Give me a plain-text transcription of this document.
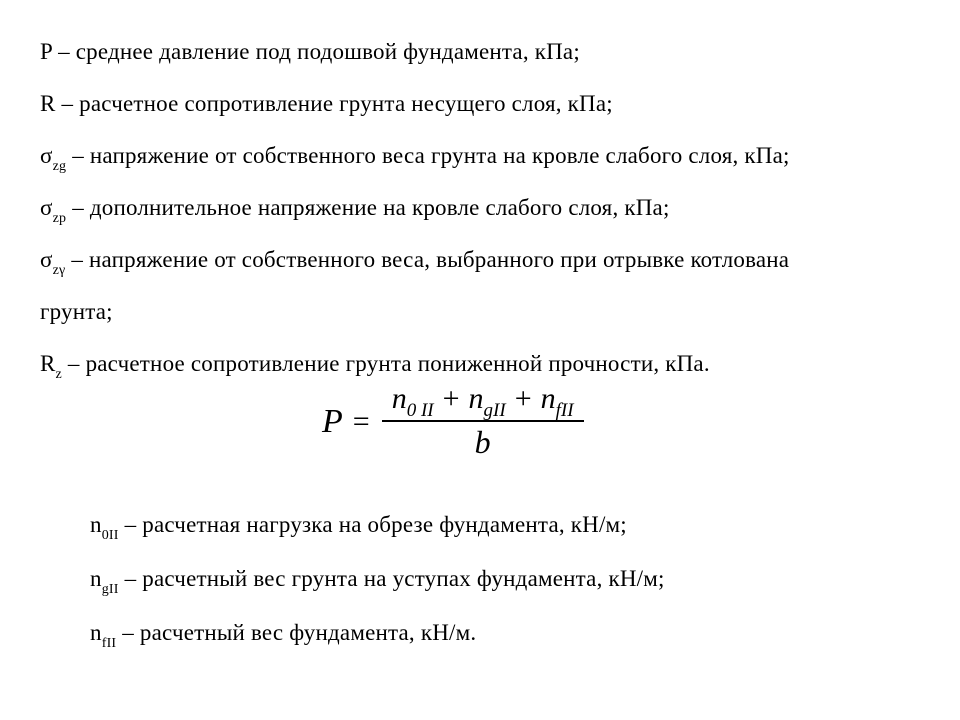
P – среднее давление под подошвой фундамента, кПа;

R – расчетное сопротивление грунта несущего слоя, кПа;

$\sigma_{zg}$ – напряжение от собственного веса грунта на кровле слабого слоя, кПа;

$\sigma_{zp}$ – дополнительное напряжение на кровле слабого слоя, кПа;

$\sigma_{z\gamma}$ – напряжение от собственного веса, выбранного при отрывке котлована
грунта;

$R_z$ – расчетное сопротивление грунта пониженной прочности, кПа.

$P = \frac{n_{0 II} + n_{gII} + n_{fII}}{b}$

$n_{0II}$ – расчетная нагрузка на обрезе фундамента, кН/м;

$n_{gII}$ – расчетный вес грунта на уступах фундамента, кН/м;

$n_{fII}$ – расчетный вес фундамента, кН/м.
